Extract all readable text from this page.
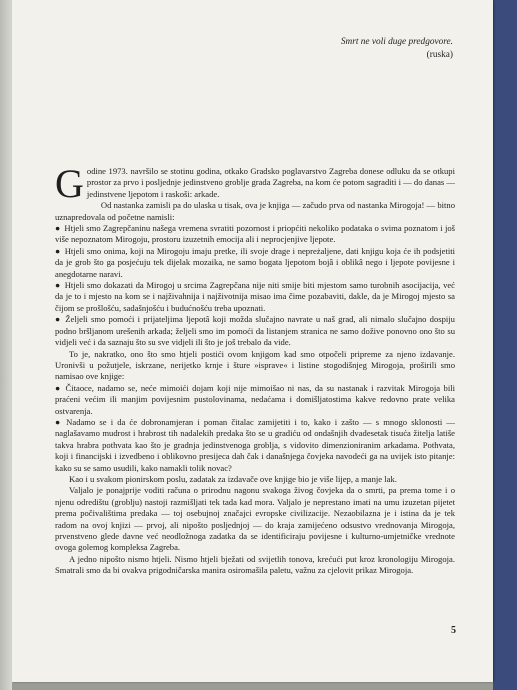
Smrt ne voli duge predgovore.
(ruska)

Godine 1973. navršilo se stotinu godina, otkako Gradsko poglavarstvo Zagreba donese odluku da se otkupi prostor za prvo i posljednje jedinstveno groblje grada Zagreba, na kom će potom sagraditi i — do danas — jedinstvene ljepotom i raskoši: arkade.

Od nastanka zamisli pa do ulaska u tisak, ova je knjiga — začudo prva od nastanka Mirogoja! — bitno uznapredovala od početne namisli:

● Htjeli smo Zagrepčaninu našega vremena svratiti pozornost i priopćiti nekoliko podataka o svima poznatom i još više nepoznatom Mirogoju, prostoru izuzetnih emocija ali i neprocjenjive ljepote.

● Htjeli smo onima, koji na Mirogoju imaju pretke, ili svoje drage i nepreżaljene, dati knjigu koja će ih podsjetiti da je grob što ga posjećuju tek dijelak mozaika, ne samo bogata ljepotom bojâ i oblikâ nego i ljepote povijesne i anegdotarne naravi.

● Htjeli smo dokazati da Mirogoj u srcima Zagrepčana nije niti smije biti mjestom samo turobnih asocijacija, već da je to i mjesto na kom se i najživahnija i najživotnija misao ima čime pozabaviti, dakle, da je Mirogoj mjesto sa čijom se prošlošću, sadašnjošću i budućnošću treba upoznati.

● Željeli smo pomoći i prijateljima ljepotâ koji možda slučajno navrate u naš grad, ali nimalo slučajno dospiju podno bršljanom urešenih arkada; željeli smo im pomoći da listanjem stranica ne samo dožive ponovno ono što su vidjeli već i da saznaju što su sve vidjeli ili što je još trebalo da vide.

To je, nakratko, ono što smo htjeli postići ovom knjigom kad smo otpočeli pripreme za njeno izdavanje. Uronivši u požutjele, iskrzane, nerijetko krnje i šture »isprave« i listine stogodišnjeg Mirogoja, proširili smo namisao ove knjige:

● Čitaoce, nadamo se, neće mimoići dojam koji nije mimoišao ni nas, da su nastanak i razvitak Mirogoja bili praćeni većim ili manjim povijesnim pustolovinama, nedaćama i domišljatostima kakve redovno prate velika ostvarenja.

● Nadamo se i da će dobronamjeran i poman čitalac zamijetiti i to, kako i zašto — s mnogo sklonosti — naglašavamo mudrost i hrabrost tih nadalekih predaka što se u gradiću od ondašnjih dvadesetak tisuća žitelja latiše takva hrabra pothvata kao što je gradnja jedinstvenoga groblja, s vidovito dimenzioniranim arkadama. Pothvata, koji i financijski i izvedbeno i oblikovno presijeca dah čak i današnjega čovjeka navodeći ga na uvijek isto pitanje: kako su se samo usudili, kako namakli tolik novac?

Kao i u svakom pionirskom poslu, zadatak za izdavače ove knjige bio je više lijep, a manje lak.

Valjalo je ponajprije voditi računa o prirodnu nagonu svakoga živog čovjeka da o smrti, pa prema tome i o njenu odredištu (groblju) nastoji razmišljati tek tada kad mora. Valjalo je neprestano imati na umu izuzetan pijetet prema počivalištima predaka — toj osebujnoj značajci evropske civilizacije. Nezaobilazna je i istina da je tek radom na ovoj knjizi — prvoj, ali nipošto posljednjoj — do kraja zamijećeno odsustvo vrednovanja Mirogoja, prvenstveno glede davne već neodložnoga zadatka da se identificiraju povijesne i kulturno-umjetničke vrednote ovoga golemog kompleksa Zagreba.

A jedno nipošto nismo htjeli. Nismo htjeli bježati od svijetlih tonova, krećući put kroz kronologiju Mirogoja. Smatrali smo da bi ovakva prigodničarska manira osiromašila paletu, važnu za cjelovit prikaz Mirogoja.

5
